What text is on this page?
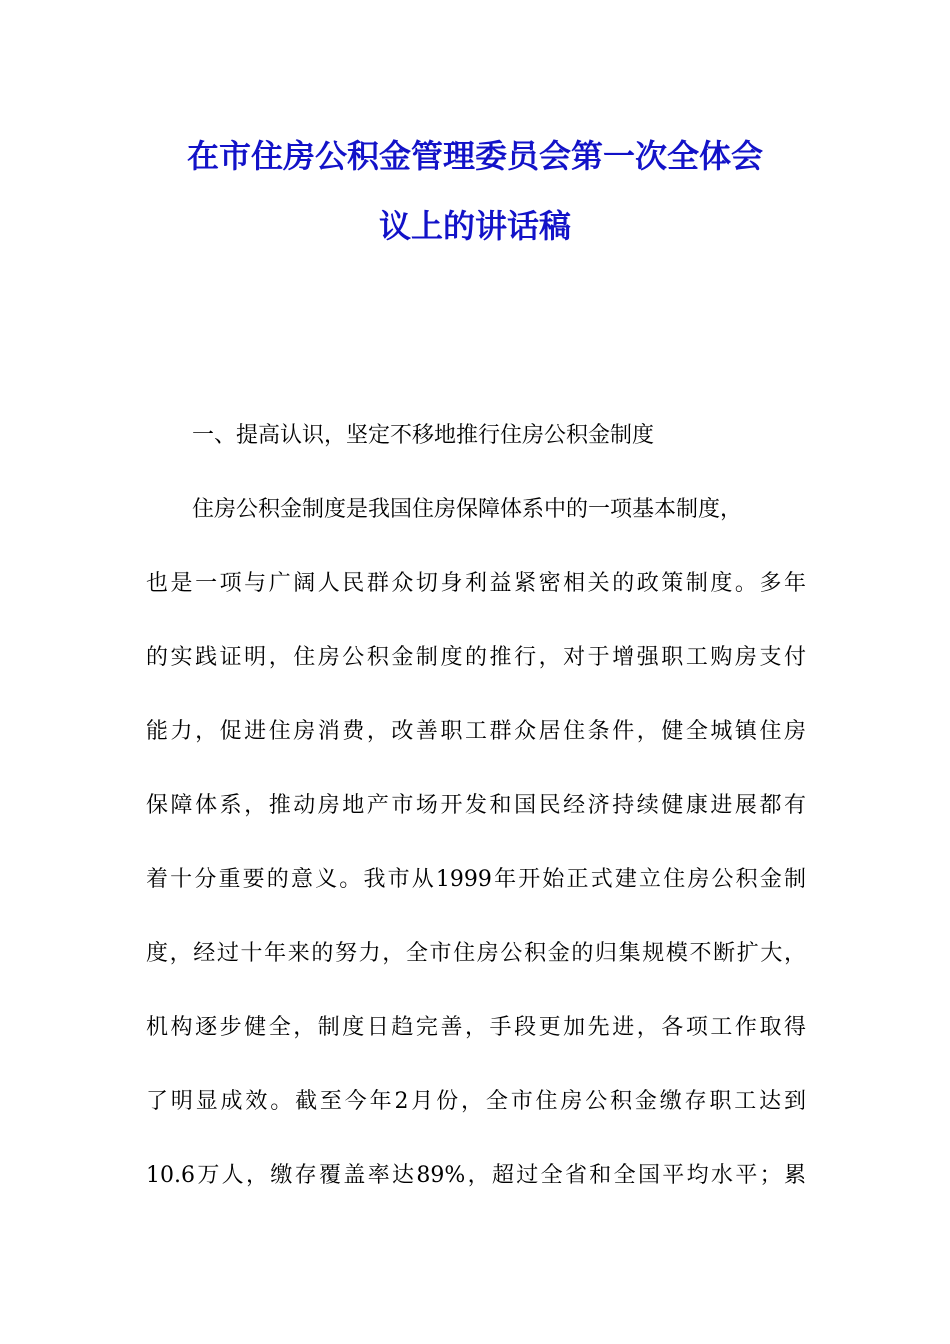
在市住房公积金管理委员会第一次全体会
议上的讲话稿

一、提高认识，坚定不移地推行住房公积金制度

住房公积金制度是我国住房保障体系中的一项基本制度，

也是一项与广阔人民群众切身利益紧密相关的政策制度。多年

的实践证明，住房公积金制度的推行，对于增强职工购房支付

能力，促进住房消费，改善职工群众居住条件，健全城镇住房

保障体系，推动房地产市场开发和国民经济持续健康进展都有

着十分重要的意义。我市从1999年开始正式建立住房公积金制

度，经过十年来的努力，全市住房公积金的归集规模不断扩大，

机构逐步健全，制度日趋完善，手段更加先进，各项工作取得

了明显成效。截至今年2月份，全市住房公积金缴存职工达到

10.6万人，缴存覆盖率达89%，超过全省和全国平均水平；累
